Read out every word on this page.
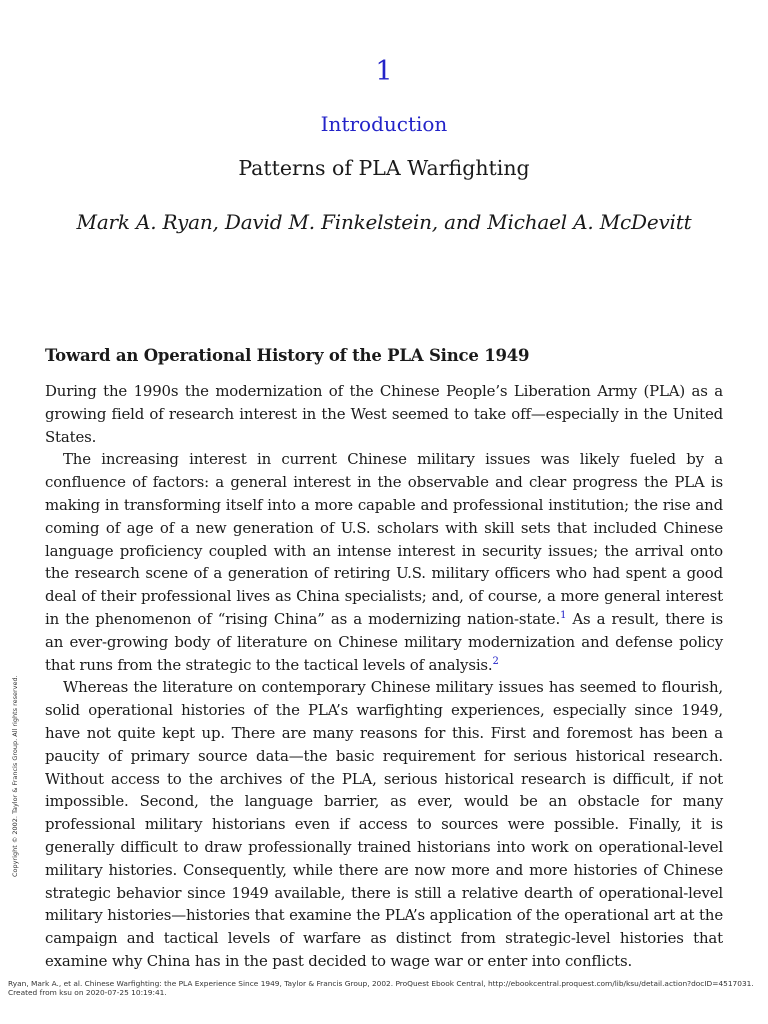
1
Introduction
Patterns of PLA Warfighting
Mark A. Ryan, David M. Finkelstein, and Michael A. McDevitt
Toward an Operational History of the PLA Since 1949

During the 1990s the modernization of the Chinese People’s Liberation Army (PLA) as a growing field of research interest in the West seemed to take off—especially in the United States.

The increasing interest in current Chinese military issues was likely fueled by a confluence of factors: a general interest in the observable and clear progress the PLA is making in transforming itself into a more capable and professional institution; the rise and coming of age of a new generation of U.S. scholars with skill sets that included Chinese language proficiency coupled with an intense interest in security issues; the arrival onto the research scene of a generation of retiring U.S. military officers who had spent a good deal of their professional lives as China specialists; and, of course, a more general interest in the phenomenon of “rising China” as a modernizing nation-state.$^1$ As a result, there is an ever-growing body of literature on Chinese military modernization and defense policy that runs from the strategic to the tactical levels of analysis.$^2$

Whereas the literature on contemporary Chinese military issues has seemed to flourish, solid operational histories of the PLA’s warfighting experiences, especially since 1949, have not quite kept up. There are many reasons for this. First and foremost has been a paucity of primary source data—the basic requirement for serious historical research. Without access to the archives of the PLA, serious historical research is difficult, if not impossible. Second, the language barrier, as ever, would be an obstacle for many professional military historians even if access to sources were possible. Finally, it is generally difficult to draw professionally trained historians into work on operational-level military histories. Consequently, while there are now more and more histories of Chinese strategic behavior since 1949 available, there is still a relative dearth of operational-level military histories—histories that examine the PLA’s application of the operational art at the campaign and tactical levels of warfare as distinct from strategic-level histories that examine why China has in the past decided to wage war or enter into conflicts.

Copyright © 2002. Taylor & Francis Group. All rights reserved.
Ryan, Mark A., et al. Chinese Warfighting: the PLA Experience Since 1949, Taylor & Francis Group, 2002. ProQuest Ebook Central, http://ebookcentral.proquest.com/lib/ksu/detail.action?docID=4517031.
Created from ksu on 2020-07-25 10:19:41.
